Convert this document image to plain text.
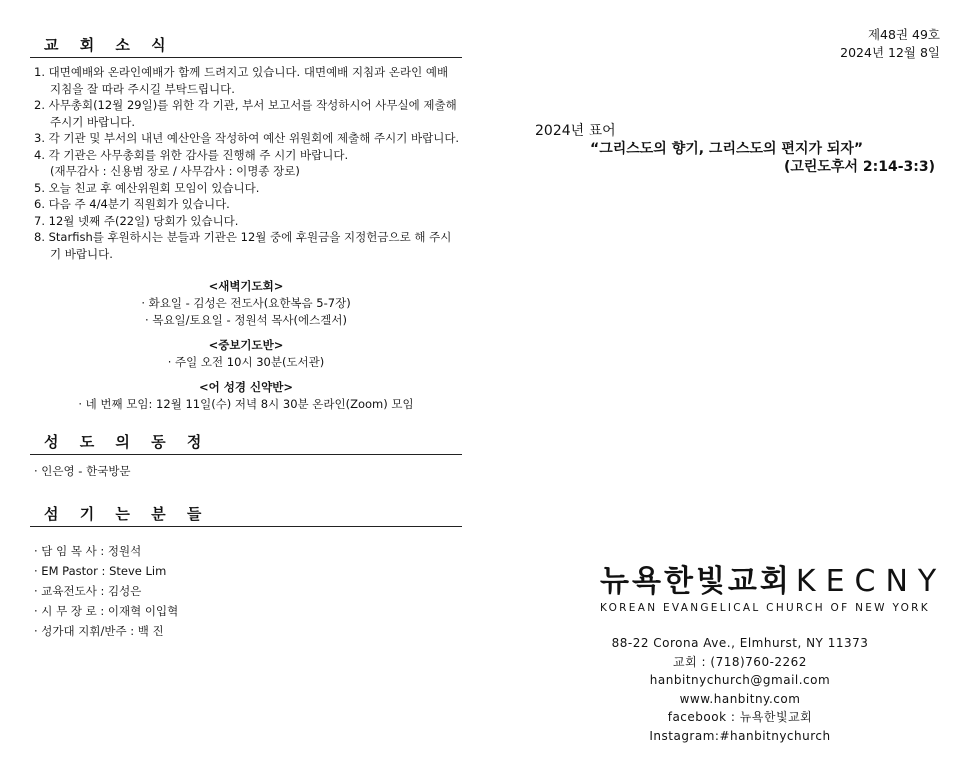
교 회 소 식
1. 대면예배와 온라인예배가 함께 드려지고 있습니다. 대면예배 지침과 온라인 예배 지침을 잘 따라 주시길 부탁드립니다.
2. 사무총회(12월 29일)를 위한 각 기관, 부서 보고서를 작성하시어 사무실에 제출해 주시기 바랍니다.
3. 각 기관 및 부서의 내년 예산안을 작성하여 예산 위원회에 제출해 주시기 바랍니다.
4. 각 기관은 사무총회를 위한 감사를 진행해 주 시기 바랍니다.
(재무감사 : 신용범 장로 / 사무감사 : 이명종 장로)
5. 오늘 친교 후 예산위원회 모임이 있습니다.
6. 다음 주 4/4분기 직원회가 있습니다.
7. 12월 넷째 주(22일) 당회가 있습니다.
8. Starfish를 후원하시는 분들과 기관은 12월 중에 후원금을 지정헌금으로 해 주시기 바랍니다.
<새벽기도회>
· 화요일 - 김성은 전도사(요한복음 5-7장)
· 목요일/토요일 - 정원석 목사(에스겔서)
<중보기도반>
· 주일 오전 10시 30분(도서관)
<어 성경 신약반>
· 네 번째 모임: 12월 11일(수) 저녁 8시 30분 온라인(Zoom) 모임
성 도 의 동 정
· 인은영 - 한국방문
섬 기 는 분 들
· 담 임 목 사 : 정원석
· EM Pastor : Steve Lim
· 교육전도사 : 김성은
· 시 무 장 로 : 이재혁 이입혁
· 성가대 지휘/반주 : 백 진
제48권 49호
2024년 12월 8일
2024년 표어
“그리스도의 향기, 그리스도의 편지가 되자”
(고린도후서 2:14-3:3)
뉴욕한빛교회 KECNY
KOREAN EVANGELICAL CHURCH OF NEW YORK
88-22 Corona Ave., Elmhurst, NY 11373
교회 : (718)760-2262
hanbitnychurch@gmail.com
www.hanbitny.com
facebook : 뉴욕한빛교회
Instagram:#hanbitnychurch
